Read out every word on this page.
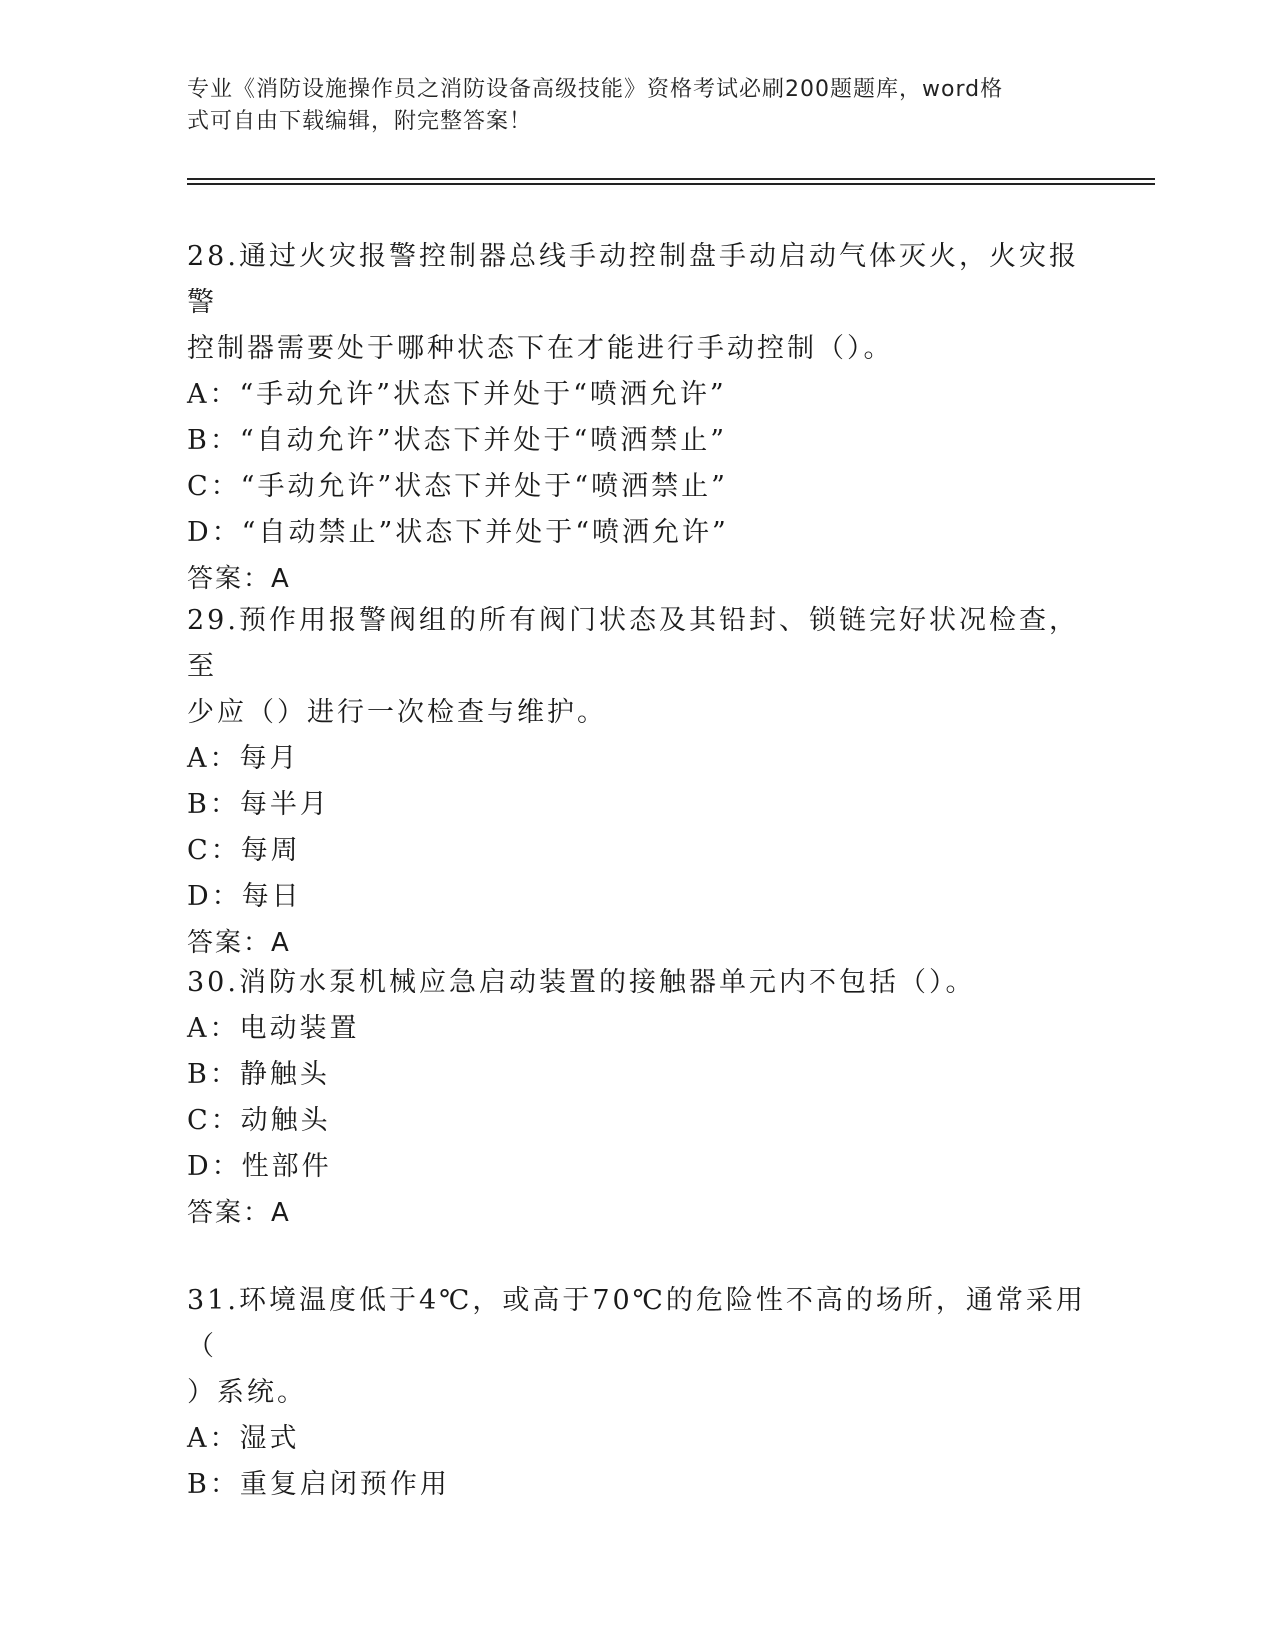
专业《消防设施操作员之消防设备高级技能》资格考试必刷200题题库，word格
式可自由下载编辑，附完整答案！

28.通过火灾报警控制器总线手动控制盘手动启动气体灭火，火灾报警

控制器需要处于哪种状态下在才能进行手动控制（）。

A：“手动允许”状态下并处于“喷洒允许”

B：“自动允许”状态下并处于“喷洒禁止”

C：“手动允许”状态下并处于“喷洒禁止”

D：“自动禁止”状态下并处于“喷洒允许”

答案：A

29.预作用报警阀组的所有阀门状态及其铅封、锁链完好状况检查，至

少应（）进行一次检查与维护。

A：每月

B：每半月

C：每周

D：每日

答案：A

30.消防水泵机械应急启动装置的接触器单元内不包括（）。

A：电动装置

B：静触头

C：动触头

D：性部件

答案：A

31.环境温度低于4℃，或高于70℃的危险性不高的场所，通常采用（

）系统。

A：湿式

B：重复启闭预作用
